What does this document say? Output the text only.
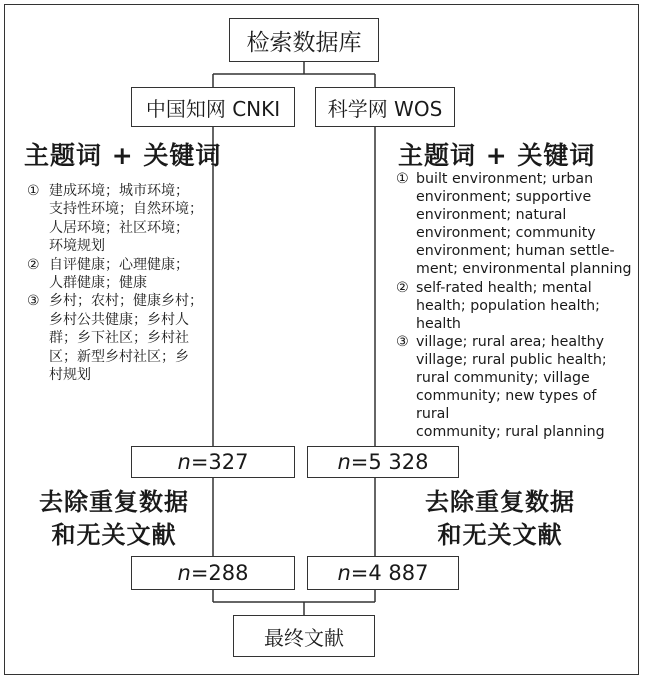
检索数据库
中国知网 CNKI	科学网 WOS
主题词 + 关键词	主题词 + 关键词
① 建成环境；城市环境；
支持性环境；自然环境；
人居环境；社区环境；
环境规划
② 自评健康；心理健康；
人群健康；健康
③ 乡村；农村；健康乡村；
乡村公共健康；乡村人
群；乡下社区；乡村社
区；新型乡村社区；乡
村规划
① built environment; urban
environment; supportive
environment; natural
environment; community
environment; human settle-
ment; environmental planning
② self-rated health; mental
health; population health;
health
③ village; rural area; healthy
village; rural public health;
rural community; village
community; new types of rural
community; rural planning
n =327	n =5 328
去除重复数据
和无关文献
去除重复数据
和无关文献
n =288	n =4 887
最终文献
